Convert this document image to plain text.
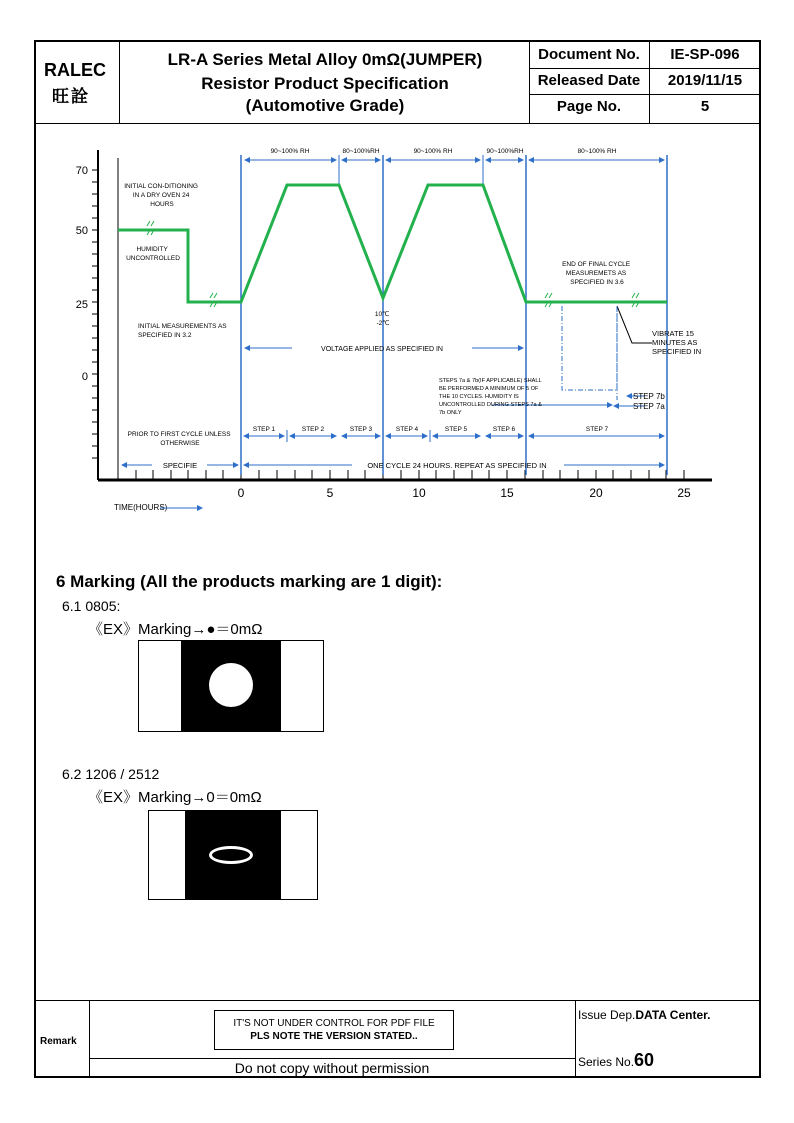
RALEC
旺詮
LR-A Series Metal Alloy 0mΩ(JUMPER)
Resistor Product Specification
(Automotive Grade)
Document No.	IE-SP-096
Released Date	2019/11/15
Page No.	5
70
50
25
0
0	5	10	15	20	25
TIME(HOURS)
90~100% RH	80~100%RH	90~100% RH	90~100%RH	80~100% RH
INITIAL CON-DITIONING IN A DRY OVEN 24 HOURS
HUMIDITY UNCONTROLLED
INITIAL MEASUREMENTS AS SPECIFIED IN 3.2
10℃ -2℃
VOLTAGE APPLIED AS SPECIFIED IN
END OF FINAL CYCLE MEASUREMETS AS SPECIFIED IN 3.6
VIBRATE 15 MINUTES AS SPECIFIED IN
STEPS 7a & 7b(IF APPLICABLE) SHALL BE PERFORMED A MINIMUM OF 5 OF THE 10 CYCLES. HUMIDITY IS UNCONTROLLED DURING STEPS 7a & 7b ONLY
STEP 7b
STEP 7a
PRIOR TO FIRST CYCLE UNLESS OTHERWISE
STEP 1	STEP 2	STEP 3	STEP 4	STEP 5	STEP 6	STEP 7
SPECIFIE	ONE CYCLE 24 HOURS. REPEAT AS SPECIFIED IN
6 Marking (All the products marking are 1 digit):
6.1 0805:
《EX》Marking→●＝0mΩ
6.2 1206 / 2512
《EX》Marking→0＝0mΩ
Remark
IT'S NOT UNDER CONTROL FOR PDF FILE
PLS NOTE THE VERSION STATED..
Do not copy without permission
Issue Dep.DATA Center.
Series No.60
